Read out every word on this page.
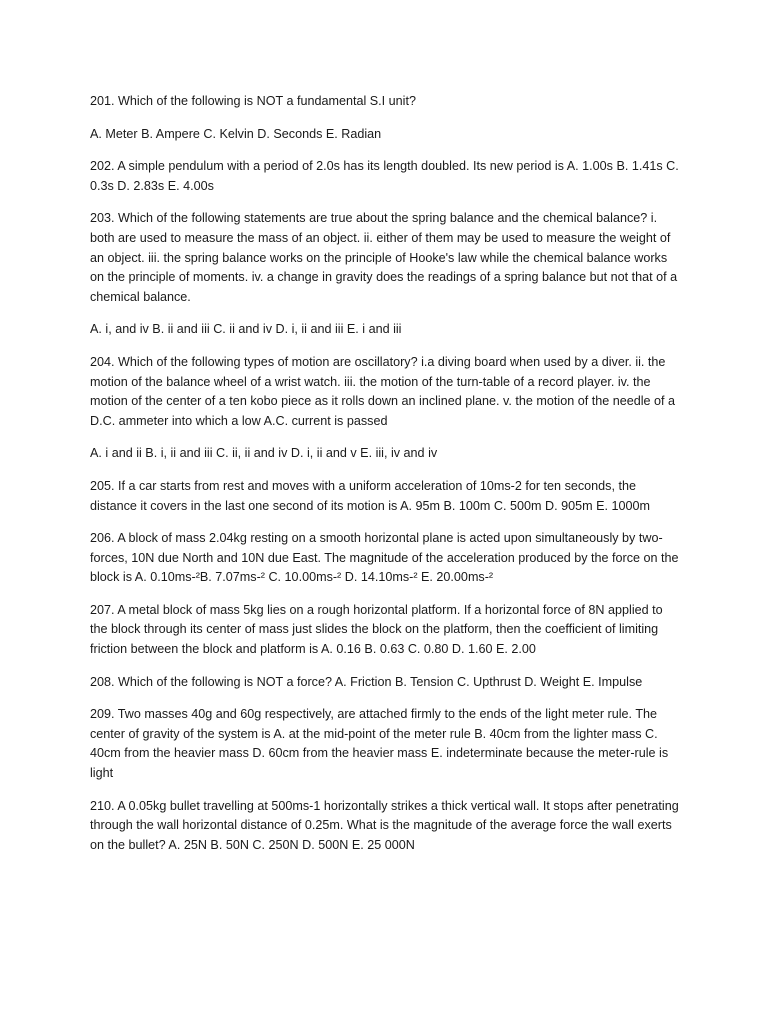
201. Which of the following is NOT a fundamental S.I unit?

A. Meter B. Ampere C. Kelvin D. Seconds E. Radian

202. A simple pendulum with a period of 2.0s has its length doubled. Its new period is A. 1.00s B. 1.41s C. 0.3s D. 2.83s E. 4.00s

203. Which of the following statements are true about the spring balance and the chemical balance? i. both are used to measure the mass of an object. ii. either of them may be used to measure the weight of an object. iii. the spring balance works on the principle of Hooke's law while the chemical balance works on the principle of moments. iv. a change in gravity does the readings of a spring balance but not that of a chemical balance.

A. i, and iv B. ii and iii C. ii and iv D. i, ii and iii E. i and iii

204. Which of the following types of motion are oscillatory? i.a diving board when used by a diver. ii. the motion of the balance wheel of a wrist watch. iii. the motion of the turn-table of a record player. iv. the motion of the center of a ten kobo piece as it rolls down an inclined plane. v. the motion of the needle of a D.C. ammeter into which a low A.C. current is passed

A. i and ii B. i, ii and iii C. ii, ii and iv D. i, ii and v E. iii, iv and iv

205. If a car starts from rest and moves with a uniform acceleration of 10ms-2 for ten seconds, the distance it covers in the last one second of its motion is A. 95m B. 100m C. 500m D. 905m E. 1000m

206. A block of mass 2.04kg resting on a smooth horizontal plane is acted upon simultaneously by two-forces, 10N due North and 10N due East. The magnitude of the acceleration produced by the force on the block is A. 0.10ms-²B. 7.07ms-² C. 10.00ms-² D. 14.10ms-² E. 20.00ms-²

207. A metal block of mass 5kg lies on a rough horizontal platform. If a horizontal force of 8N applied to the block through its center of mass just slides the block on the platform, then the coefficient of limiting friction between the block and platform is A. 0.16 B. 0.63 C. 0.80 D. 1.60 E. 2.00

208. Which of the following is NOT a force? A. Friction B. Tension C. Upthrust D. Weight E. Impulse

209. Two masses 40g and 60g respectively, are attached firmly to the ends of the light meter rule. The center of gravity of the system is A. at the mid-point of the meter rule B. 40cm from the lighter mass C. 40cm from the heavier mass D. 60cm from the heavier mass E. indeterminate because the meter-rule is light

210. A 0.05kg bullet travelling at 500ms-1 horizontally strikes a thick vertical wall. It stops after penetrating through the wall horizontal distance of 0.25m. What is the magnitude of the average force the wall exerts on the bullet? A. 25N B. 50N C. 250N D. 500N E. 25 000N
